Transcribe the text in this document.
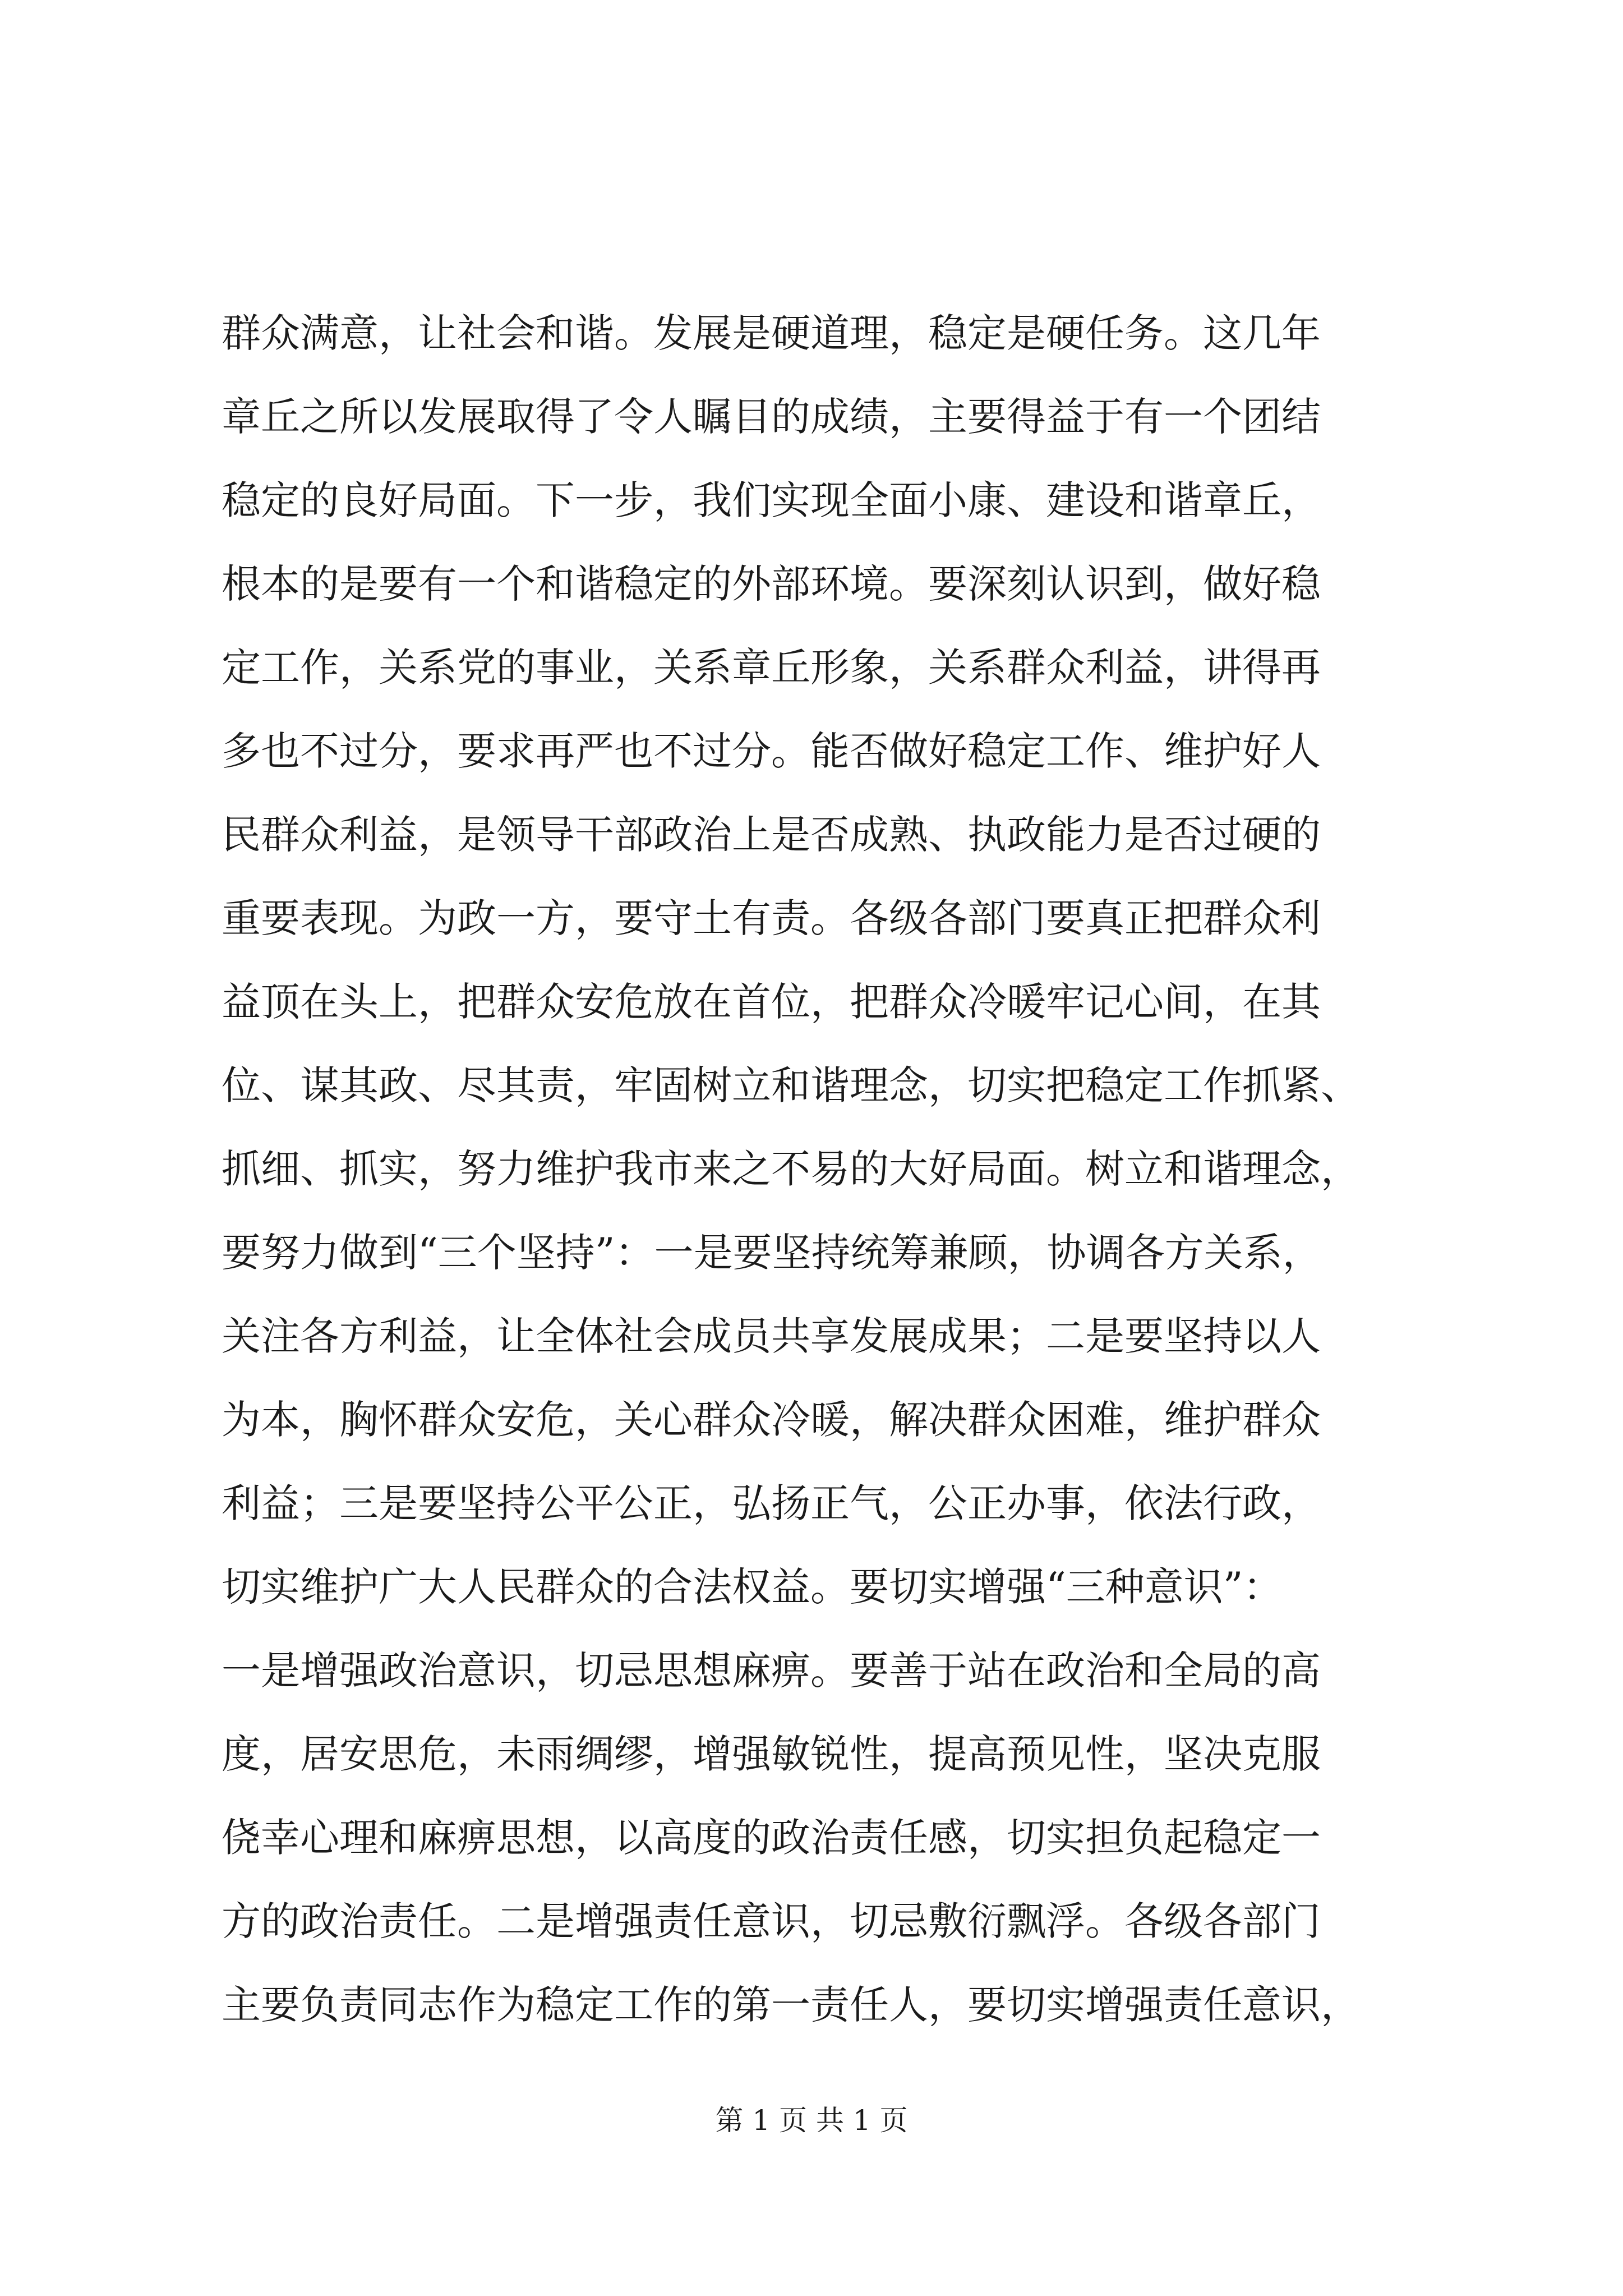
群众满意，让社会和谐。发展是硬道理，稳定是硬任务。这几年
章丘之所以发展取得了令人瞩目的成绩，主要得益于有一个团结
稳定的良好局面。下一步，我们实现全面小康、建设和谐章丘，
根本的是要有一个和谐稳定的外部环境。要深刻认识到，做好稳
定工作，关系党的事业，关系章丘形象，关系群众利益，讲得再
多也不过分，要求再严也不过分。能否做好稳定工作、维护好人
民群众利益，是领导干部政治上是否成熟、执政能力是否过硬的
重要表现。为政一方，要守土有责。各级各部门要真正把群众利
益顶在头上，把群众安危放在首位，把群众冷暖牢记心间，在其
位、谋其政、尽其责，牢固树立和谐理念，切实把稳定工作抓紧、
抓细、抓实，努力维护我市来之不易的大好局面。树立和谐理念，
要努力做到“三个坚持”：一是要坚持统筹兼顾，协调各方关系，
关注各方利益，让全体社会成员共享发展成果；二是要坚持以人
为本，胸怀群众安危，关心群众冷暖，解决群众困难，维护群众
利益；三是要坚持公平公正，弘扬正气，公正办事，依法行政，
切实维护广大人民群众的合法权益。要切实增强“三种意识”：
一是增强政治意识，切忌思想麻痹。要善于站在政治和全局的高
度，居安思危，未雨绸缪，增强敏锐性，提高预见性，坚决克服
侥幸心理和麻痹思想，以高度的政治责任感，切实担负起稳定一
方的政治责任。二是增强责任意识，切忌敷衍飘浮。各级各部门
主要负责同志作为稳定工作的第一责任人，要切实增强责任意识，
第 1 页 共 1 页
